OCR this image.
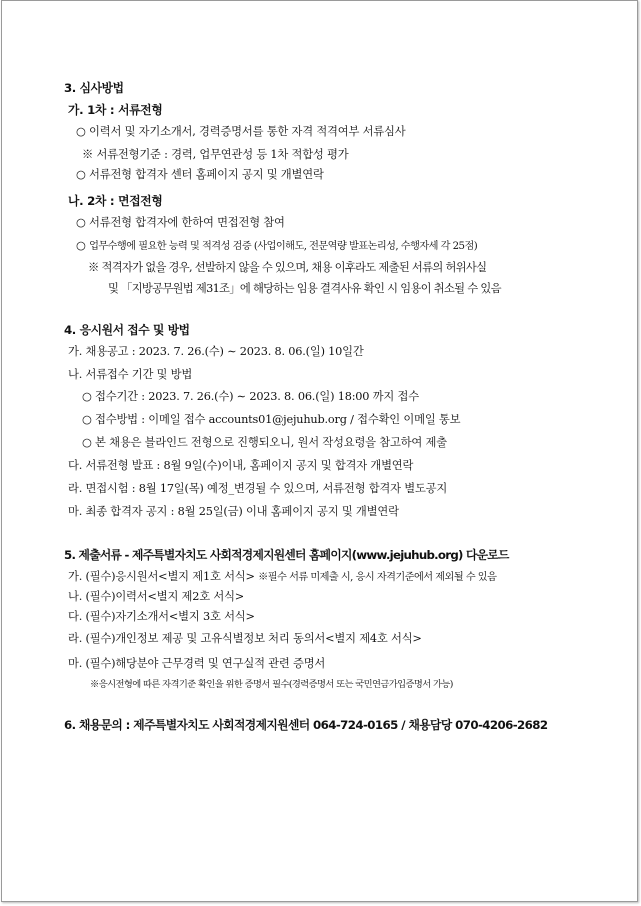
3. 심사방법
가. 1차 : 서류전형
○ 이력서 및 자기소개서, 경력증명서를 통한 자격 적격여부 서류심사
※ 서류전형기준 : 경력, 업무연관성 등 1차 적합성 평가
○ 서류전형 합격자 센터 홈페이지 공지 및 개별연락
나. 2차 : 면접전형
○ 서류전형 합격자에 한하여 면접전형 참여
○ 업무수행에 필요한 능력 및 적격성 검증 (사업이해도, 전문역량 발표논리성, 수행자세 각 25점)
※ 적격자가 없을 경우, 선발하지 않을 수 있으며, 채용 이후라도 제출된 서류의 허위사실
및 「지방공무원법 제31조」에 해당하는 임용 결격사유 확인 시 임용이 취소될 수 있음
4. 응시원서 접수 및 방법
가. 채용공고 : 2023. 7. 26.(수) ∼ 2023. 8. 06.(일) 10일간
나. 서류접수 기간 및 방법
○ 접수기간 : 2023. 7. 26.(수) ∼ 2023. 8. 06.(일) 18:00 까지 접수
○ 접수방법 : 이메일 접수 accounts01@jejuhub.org / 접수확인 이메일 통보
○ 본 채용은 블라인드 전형으로 진행되오니, 원서 작성요령을 참고하여 제출
다. 서류전형 발표 : 8월 9일(수)이내, 홈페이지 공지 및 합격자 개별연락
라. 면접시험 : 8월 17일(목) 예정_변경될 수 있으며, 서류전형 합격자 별도공지
마. 최종 합격자 공지 : 8월 25일(금) 이내 홈페이지 공지 및 개별연락
5. 제출서류 - 제주특별자치도 사회적경제지원센터 홈페이지(www.jejuhub.org) 다운로드
가. (필수)응시원서<별지 제1호 서식> ※필수 서류 미제출 시, 응시 자격기준에서 제외될 수 있음
나. (필수)이력서<별지 제2호 서식>
다. (필수)자기소개서<별지 3호 서식>
라. (필수)개인정보 제공 및 고유식별정보 처리 동의서<별지 제4호 서식>
마. (필수)해당분야 근무경력 및 연구실적 관련 증명서
※응시전형에 따른 자격기준 확인을 위한 증명서 필수(경력증명서 또는 국민연금가입증명서 가능)
6. 채용문의 : 제주특별자치도 사회적경제지원센터 064-724-0165 / 채용담당 070-4206-2682
